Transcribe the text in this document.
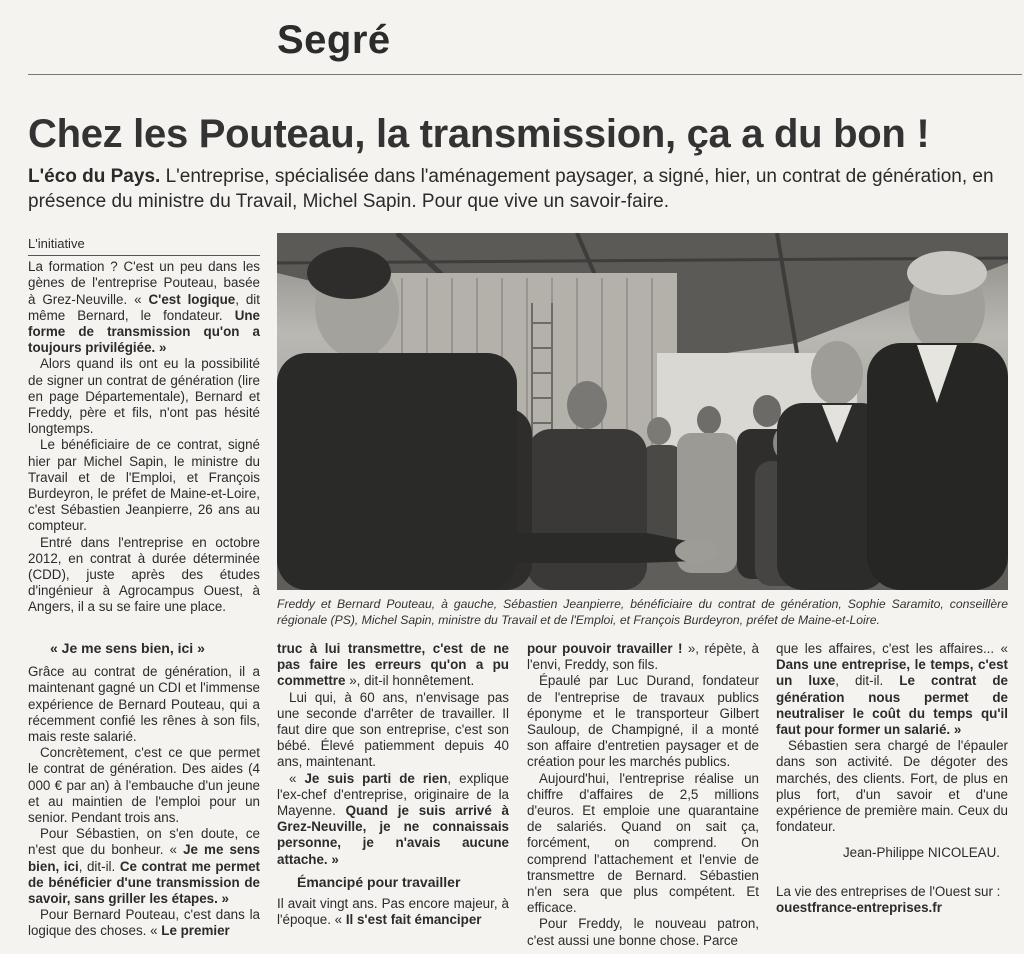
Segré
Chez les Pouteau, la transmission, ça a du bon !
L'éco du Pays. L'entreprise, spécialisée dans l'aménagement paysager, a signé, hier, un contrat de génération, en présence du ministre du Travail, Michel Sapin. Pour que vive un savoir-faire.
L'initiative

La formation ? C'est un peu dans les gènes de l'entreprise Pouteau, basée à Grez-Neuville. « C'est logique, dit même Bernard, le fondateur. Une forme de transmission qu'on a toujours privilégiée. »

Alors quand ils ont eu la possibilité de signer un contrat de génération (lire en page Départementale), Bernard et Freddy, père et fils, n'ont pas hésité longtemps.

Le bénéficiaire de ce contrat, signé hier par Michel Sapin, le ministre du Travail et de l'Emploi, et François Burdeyron, le préfet de Maine-et-Loire, c'est Sébastien Jeanpierre, 26 ans au compteur.

Entré dans l'entreprise en octobre 2012, en contrat à durée déterminée (CDD), juste après des études d'ingénieur à Agrocampus Ouest, à Angers, il a su se faire une place.	Freddy et Bernard Pouteau, à gauche, Sébastien Jeanpierre, bénéficiaire du contrat de génération, Sophie Saramito, conseillère régionale (PS), Michel Sapin, ministre du Travail et de l'Emploi, et François Burdeyron, préfet de Maine-et-Loire.
« Je me sens bien, ici »

Grâce au contrat de génération, il a maintenant gagné un CDI et l'immense expérience de Bernard Pouteau, qui a récemment confié les rênes à son fils, mais reste salarié.

Concrètement, c'est ce que permet le contrat de génération. Des aides (4 000 € par an) à l'embauche d'un jeune et au maintien de l'emploi pour un senior. Pendant trois ans.

Pour Sébastien, on s'en doute, ce n'est que du bonheur. « Je me sens bien, ici, dit-il. Ce contrat me permet de bénéficier d'une transmission de savoir, sans griller les étapes. »

Pour Bernard Pouteau, c'est dans la logique des choses. « Le premier

truc à lui transmettre, c'est de ne pas faire les erreurs qu'on a pu commettre », dit-il honnêtement.

Lui qui, à 60 ans, n'envisage pas une seconde d'arrêter de travailler. Il faut dire que son entreprise, c'est son bébé. Élevé patiemment depuis 40 ans, maintenant.

« Je suis parti de rien, explique l'ex-chef d'entreprise, originaire de la Mayenne. Quand je suis arrivé à Grez-Neuville, je ne connaissais personne, je n'avais aucune attache. »

Émancipé pour travailler

Il avait vingt ans. Pas encore majeur, à l'époque. « Il s'est fait émanciper

pour pouvoir travailler ! », répète, à l'envi, Freddy, son fils.

Épaulé par Luc Durand, fondateur de l'entreprise de travaux publics éponyme et le transporteur Gilbert Sauloup, de Champigné, il a monté son affaire d'entretien paysager et de création pour les marchés publics.

Aujourd'hui, l'entreprise réalise un chiffre d'affaires de 2,5 millions d'euros. Et emploie une quarantaine de salariés. Quand on sait ça, forcément, on comprend. On comprend l'attachement et l'envie de transmettre de Bernard. Sébastien n'en sera que plus compétent. Et efficace.

Pour Freddy, le nouveau patron, c'est aussi une bonne chose. Parce

que les affaires, c'est les affaires... « Dans une entreprise, le temps, c'est un luxe, dit-il. Le contrat de génération nous permet de neutraliser le coût du temps qu'il faut pour former un salarié. »

Sébastien sera chargé de l'épauler dans son activité. De dégoter des marchés, des clients. Fort, de plus en plus fort, d'un savoir et d'une expérience de première main. Ceux du fondateur.

Jean-Philippe NICOLEAU.
La vie des entreprises de l'Ouest sur :
ouestfrance-entreprises.fr
